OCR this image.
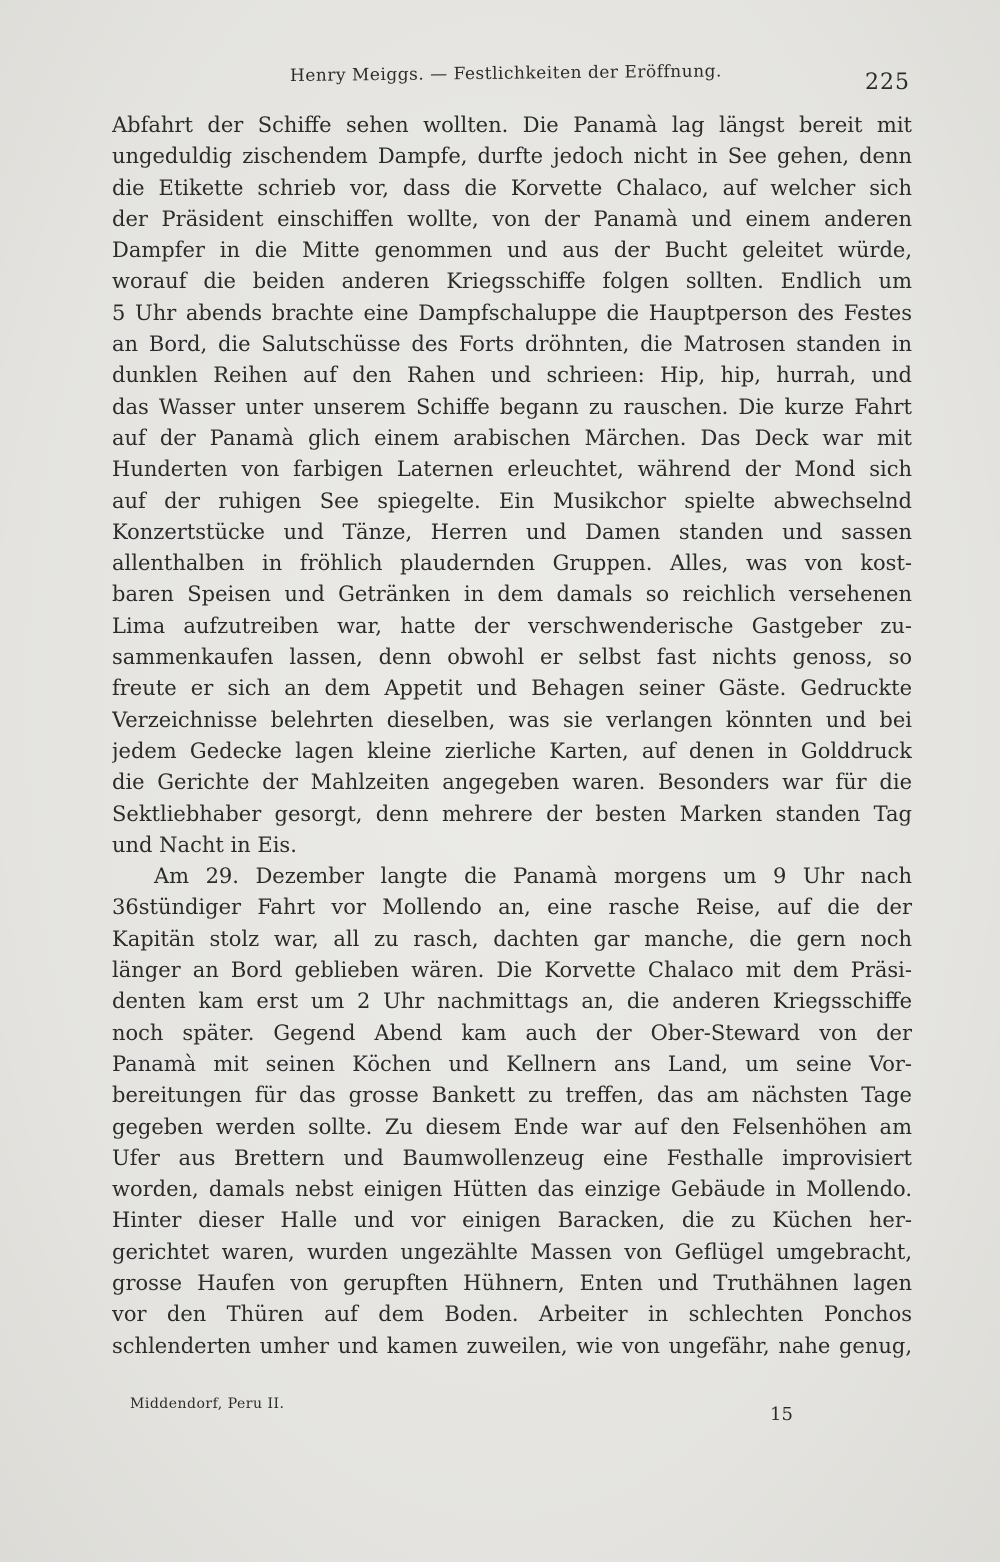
Henry Meiggs. — Festlichkeiten der Eröffnung.	225
Abfahrt der Schiffe sehen wollten. Die Panamà lag längst bereit mit
ungeduldig zischendem Dampfe, durfte jedoch nicht in See gehen, denn
die Etikette schrieb vor, dass die Korvette Chalaco, auf welcher sich
der Präsident einschiffen wollte, von der Panamà und einem anderen
Dampfer in die Mitte genommen und aus der Bucht geleitet würde,
worauf die beiden anderen Kriegsschiffe folgen sollten. Endlich um
5 Uhr abends brachte eine Dampfschaluppe die Hauptperson des Festes
an Bord, die Salutschüsse des Forts dröhnten, die Matrosen standen in
dunklen Reihen auf den Rahen und schrieen: Hip, hip, hurrah, und
das Wasser unter unserem Schiffe begann zu rauschen. Die kurze Fahrt
auf der Panamà glich einem arabischen Märchen. Das Deck war mit
Hunderten von farbigen Laternen erleuchtet, während der Mond sich
auf der ruhigen See spiegelte. Ein Musikchor spielte abwechselnd
Konzertstücke und Tänze, Herren und Damen standen und sassen
allenthalben in fröhlich plaudernden Gruppen. Alles, was von kost-
baren Speisen und Getränken in dem damals so reichlich versehenen
Lima aufzutreiben war, hatte der verschwenderische Gastgeber zu-
sammenkaufen lassen, denn obwohl er selbst fast nichts genoss, so
freute er sich an dem Appetit und Behagen seiner Gäste. Gedruckte
Verzeichnisse belehrten dieselben, was sie verlangen könnten und bei
jedem Gedecke lagen kleine zierliche Karten, auf denen in Golddruck
die Gerichte der Mahlzeiten angegeben waren. Besonders war für die
Sektliebhaber gesorgt, denn mehrere der besten Marken standen Tag
und Nacht in Eis.
Am 29. Dezember langte die Panamà morgens um 9 Uhr nach
36stündiger Fahrt vor Mollendo an, eine rasche Reise, auf die der
Kapitän stolz war, all zu rasch, dachten gar manche, die gern noch
länger an Bord geblieben wären. Die Korvette Chalaco mit dem Präsi-
denten kam erst um 2 Uhr nachmittags an, die anderen Kriegsschiffe
noch später. Gegend Abend kam auch der Ober-Steward von der
Panamà mit seinen Köchen und Kellnern ans Land, um seine Vor-
bereitungen für das grosse Bankett zu treffen, das am nächsten Tage
gegeben werden sollte. Zu diesem Ende war auf den Felsenhöhen am
Ufer aus Brettern und Baumwollenzeug eine Festhalle improvisiert
worden, damals nebst einigen Hütten das einzige Gebäude in Mollendo.
Hinter dieser Halle und vor einigen Baracken, die zu Küchen her-
gerichtet waren, wurden ungezählte Massen von Geflügel umgebracht,
grosse Haufen von gerupften Hühnern, Enten und Truthähnen lagen
vor den Thüren auf dem Boden. Arbeiter in schlechten Ponchos
schlenderten umher und kamen zuweilen, wie von ungefähr, nahe genug,
Middendorf, Peru II.	15
